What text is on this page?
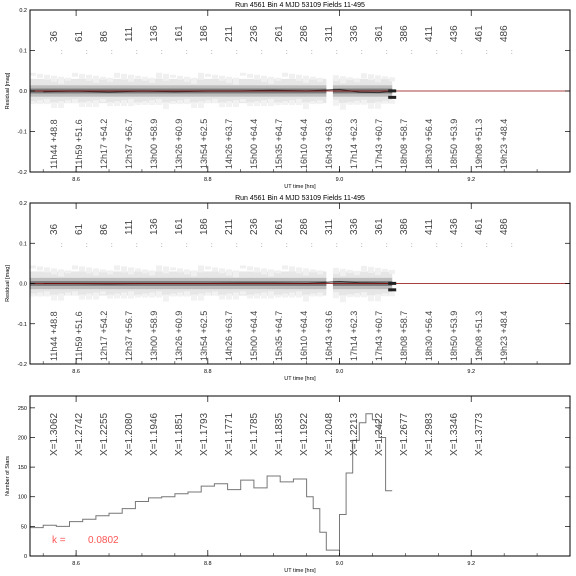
Run 4561 Bin 4 MJD 53109 Fields 11-495
36
:
11h44 +48.8
61
:
11h59 +51.6
86
:
12h17 +54.2
111
:
12h37 +56.7
136
:
13h00 +58.9
161
:
13h26 +60.9
186
:
13h54 +62.5
211
:
14h26 +63.7
236
:
15h00 +64.4
261
:
15h35 +64.7
286
:
16h10 +64.4
311
:
16h43 +63.6
336
:
17h14 +62.3
361
:
17h43 +60.7
386
:
18h08 +58.7
411
:
18h30 +56.4
436
:
18h50 +53.9
461
:
19h08 +51.3
486
:
19h23 +48.4
-0.2
-0.1
0.0
0.1
0.2
8.6	8.8	9.0	9.2
UT time [hrs]
Residual [mag]
Run 4561 Bin 4 MJD 53109 Fields 11-495
36
:
11h44 +48.8
61
:
11h59 +51.6
86
:
12h17 +54.2
111
:
12h37 +56.7
136
:
13h00 +58.9
161
:
13h26 +60.9
186
:
13h54 +62.5
211
:
14h26 +63.7
236
:
15h00 +64.4
261
:
15h35 +64.7
286
:
16h10 +64.4
311
:
16h43 +63.6
336
:
17h14 +62.3
361
:
17h43 +60.7
386
:
18h08 +58.7
411
:
18h30 +56.4
436
:
18h50 +53.9
461
:
19h08 +51.3
486
:
19h23 +48.4
-0.2
-0.1
0.0
0.1
0.2
8.6	8.8	9.0	9.2
UT time [hrs]
Residual [mag]
X=1.3062 X=1.2742 X=1.2255 X=1.2080 X=1.1946 X=1.1851 X=1.1793 X=1.1771 X=1.1785 X=1.1835 X=1.1922 X=1.2048 X=1.2213 X=1.2422 X=1.2677 X=1.2983 X=1.3346 X=1.3773
k = 0.0802
0
50
100
150
200
250
8.6	8.8	9.0	9.2
UT time [hrs]
Number of Stars
